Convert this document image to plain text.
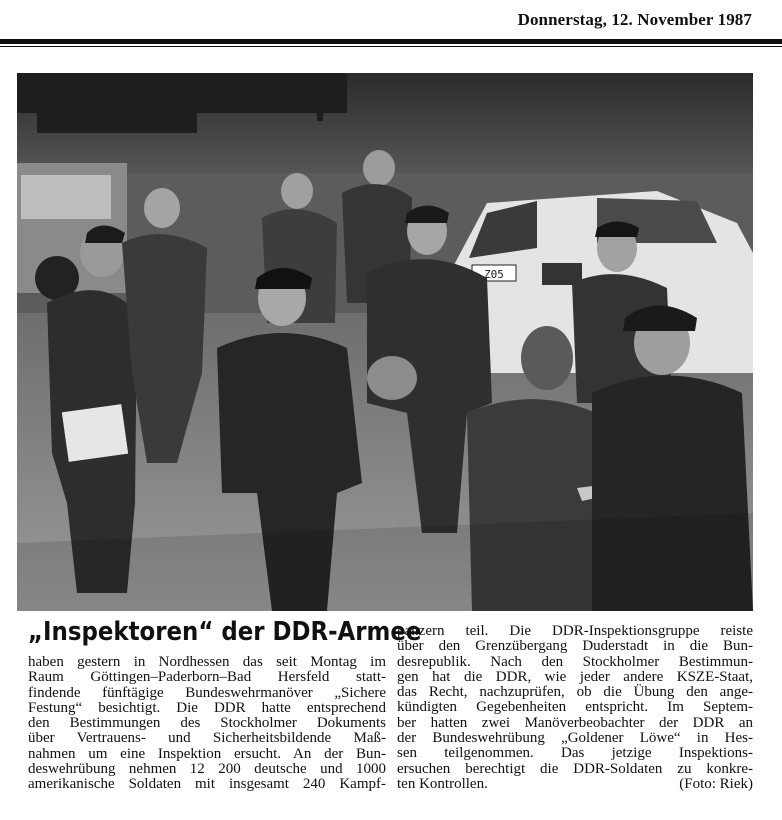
Donnerstag, 12. November 1987
Z05
„Inspektoren“ der DDR-Armee
haben gestern in Nordhessen das seit Montag im
Raum Göttingen–Paderborn–Bad Hersfeld statt-
findende fünftägige Bundeswehrmanöver „Sichere
Festung“ besichtigt. Die DDR hatte entsprechend
den Bestimmungen des Stockholmer Dokuments
über Vertrauens- und Sicherheitsbildende Maß-
nahmen um eine Inspektion ersucht. An der Bun-
deswehrübung nehmen 12 200 deutsche und 1000
amerikanische Soldaten mit insgesamt 240 Kampf-
panzern teil. Die DDR-Inspektionsgruppe reiste
über den Grenzübergang Duderstadt in die Bun-
desrepublik. Nach den Stockholmer Bestimmun-
gen hat die DDR, wie jeder andere KSZE-Staat,
das Recht, nachzuprüfen, ob die Übung den ange-
kündigten Gegebenheiten entspricht. Im Septem-
ber hatten zwei Manöverbeobachter der DDR an
der Bundeswehrübung „Goldener Löwe“ in Hes-
sen teilgenommen. Das jetzige Inspektions-
ersuchen berechtigt die DDR-Soldaten zu konkre-
ten Kontrollen.	(Foto: Riek)
